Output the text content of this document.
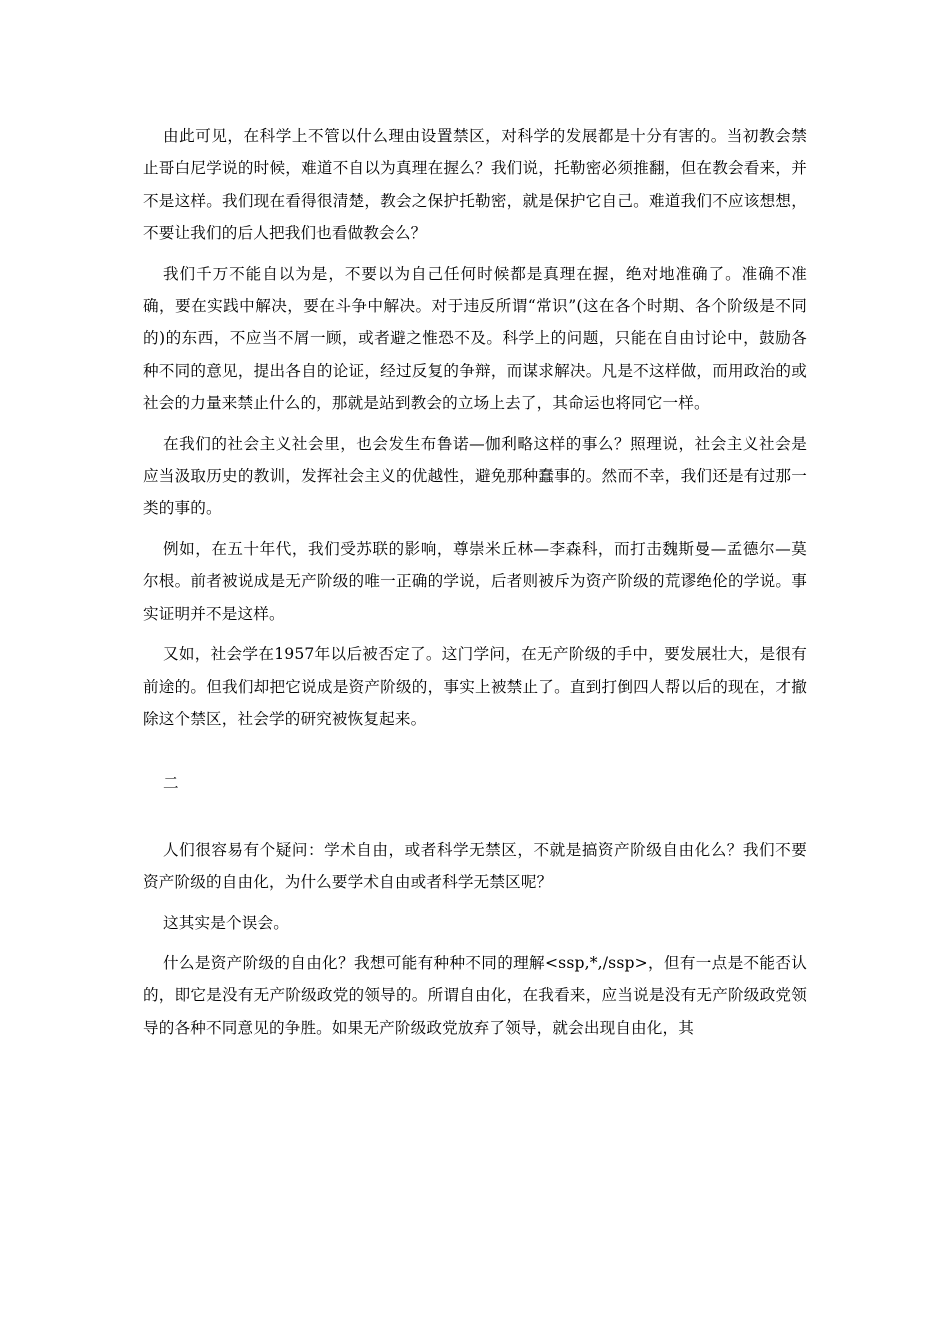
由此可见，在科学上不管以什么理由设置禁区，对科学的发展都是十分有害的。当初教会禁止哥白尼学说的时候，难道不自以为真理在握么？我们说，托勒密必须推翻，但在教会看来，并不是这样。我们现在看得很清楚，教会之保护托勒密，就是保护它自己。难道我们不应该想想，不要让我们的后人把我们也看做教会么？

我们千万不能自以为是，不要以为自己任何时候都是真理在握，绝对地准确了。准确不准确，要在实践中解决，要在斗争中解决。对于违反所谓“常识”(这在各个时期、各个阶级是不同的)的东西，不应当不屑一顾，或者避之惟恐不及。科学上的问题，只能在自由讨论中，鼓励各种不同的意见，提出各自的论证，经过反复的争辩，而谋求解决。凡是不这样做，而用政治的或社会的力量来禁止什么的，那就是站到教会的立场上去了，其命运也将同它一样。

在我们的社会主义社会里，也会发生布鲁诺—伽利略这样的事么？照理说，社会主义社会是应当汲取历史的教训，发挥社会主义的优越性，避免那种蠢事的。然而不幸，我们还是有过那一类的事的。

例如，在五十年代，我们受苏联的影响，尊崇米丘林—李森科，而打击魏斯曼—孟德尔—莫尔根。前者被说成是无产阶级的唯一正确的学说，后者则被斥为资产阶级的荒谬绝伦的学说。事实证明并不是这样。

又如，社会学在1957年以后被否定了。这门学问，在无产阶级的手中，要发展壮大，是很有前途的。但我们却把它说成是资产阶级的，事实上被禁止了。直到打倒四人帮以后的现在，才撤除这个禁区，社会学的研究被恢复起来。

二

人们很容易有个疑问：学术自由，或者科学无禁区，不就是搞资产阶级自由化么？我们不要资产阶级的自由化，为什么要学术自由或者科学无禁区呢？

这其实是个误会。

什么是资产阶级的自由化？我想可能有种种不同的理解<ssp,*,/ssp>，但有一点是不能否认的，即它是没有无产阶级政党的领导的。所谓自由化，在我看来，应当说是没有无产阶级政党领导的各种不同意见的争胜。如果无产阶级政党放弃了领导，就会出现自由化，其
